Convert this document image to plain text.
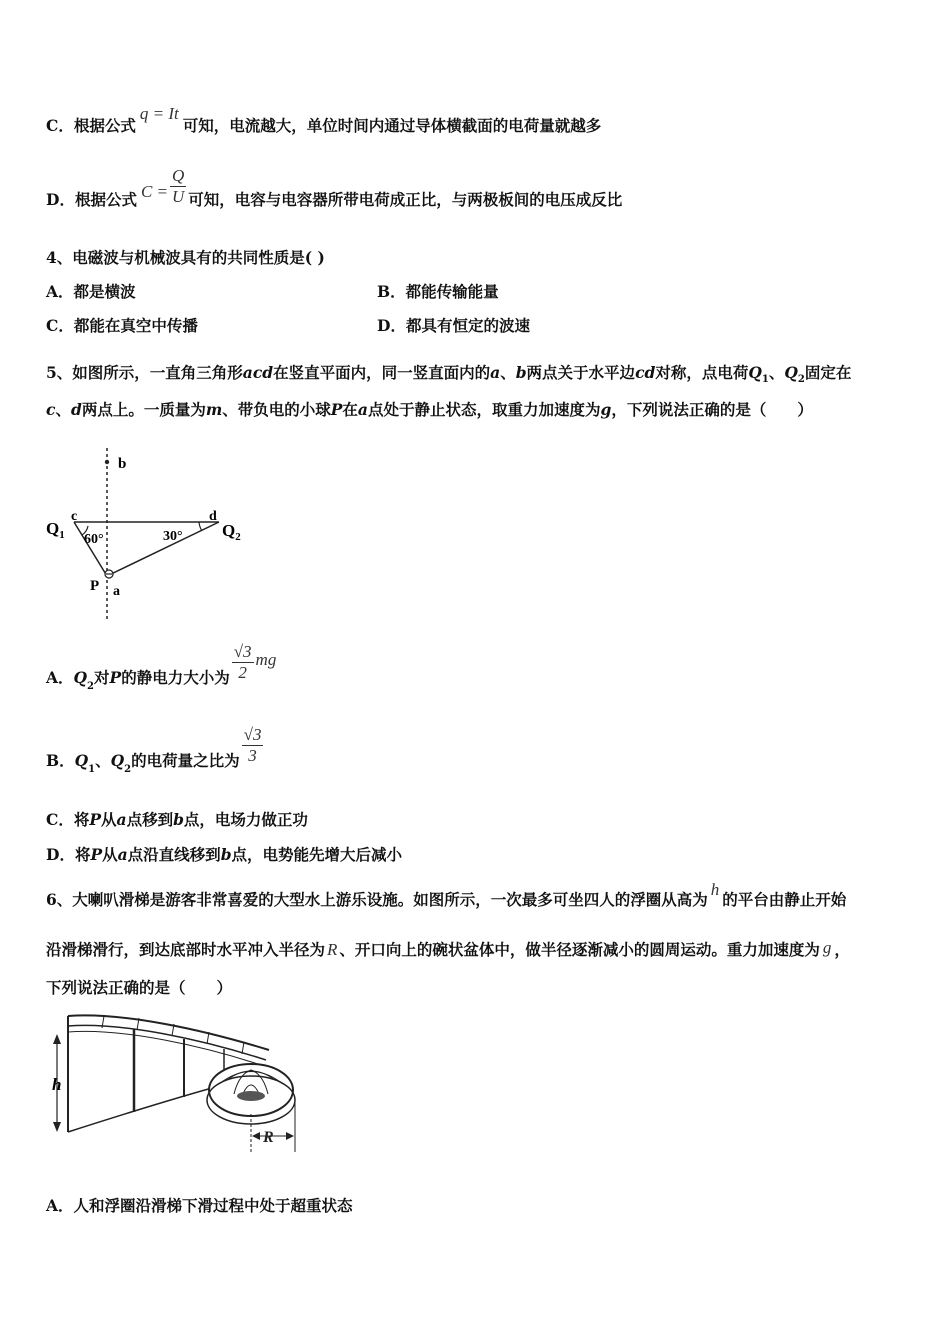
C．根据公式q = It可知，电流越大，单位时间内通过导体横截面的电荷量就越多
D．根据公式 $C = \frac{Q}{U}$ 可知，电容与电容器所带电荷成正比，与两极板间的电压成反比
4、电磁波与机械波具有的共同性质是( )
A．都是横波	B．都能传输能量
C．都能在真空中传播	D．都具有恒定的波速
5、如图所示，一直角三角形acd在竖直平面内，同一竖直面内的a、b两点关于水平边cd对称，点电荷$Q_1$、$Q_2$固定在
c、d两点上。一质量为m、带负电的小球P在a点处于静止状态，取重力加速度为g，下列说法正确的是（　　）
b
c	d
$Q_1$	$Q_2$
60°	30°
P a
A．$Q_2$对P的静电力大小为 $\frac{√3}{2}$ mg
B．$Q_1$、$Q_2$的电荷量之比为 $\frac{√3}{3}$
C．将P从a点移到b点，电场力做正功
D．将P从a点沿直线移到b点，电势能先增大后减小
6、大喇叭滑梯是游客非常喜爱的大型水上游乐设施。如图所示，一次最多可坐四人的浮圈从高为h的平台由静止开始
沿滑梯滑行，到达底部时水平冲入半径为 R 、开口向上的碗状盆体中，做半径逐渐减小的圆周运动。重力加速度为 g ，
下列说法正确的是（　　）
h
R
A．人和浮圈沿滑梯下滑过程中处于超重状态
